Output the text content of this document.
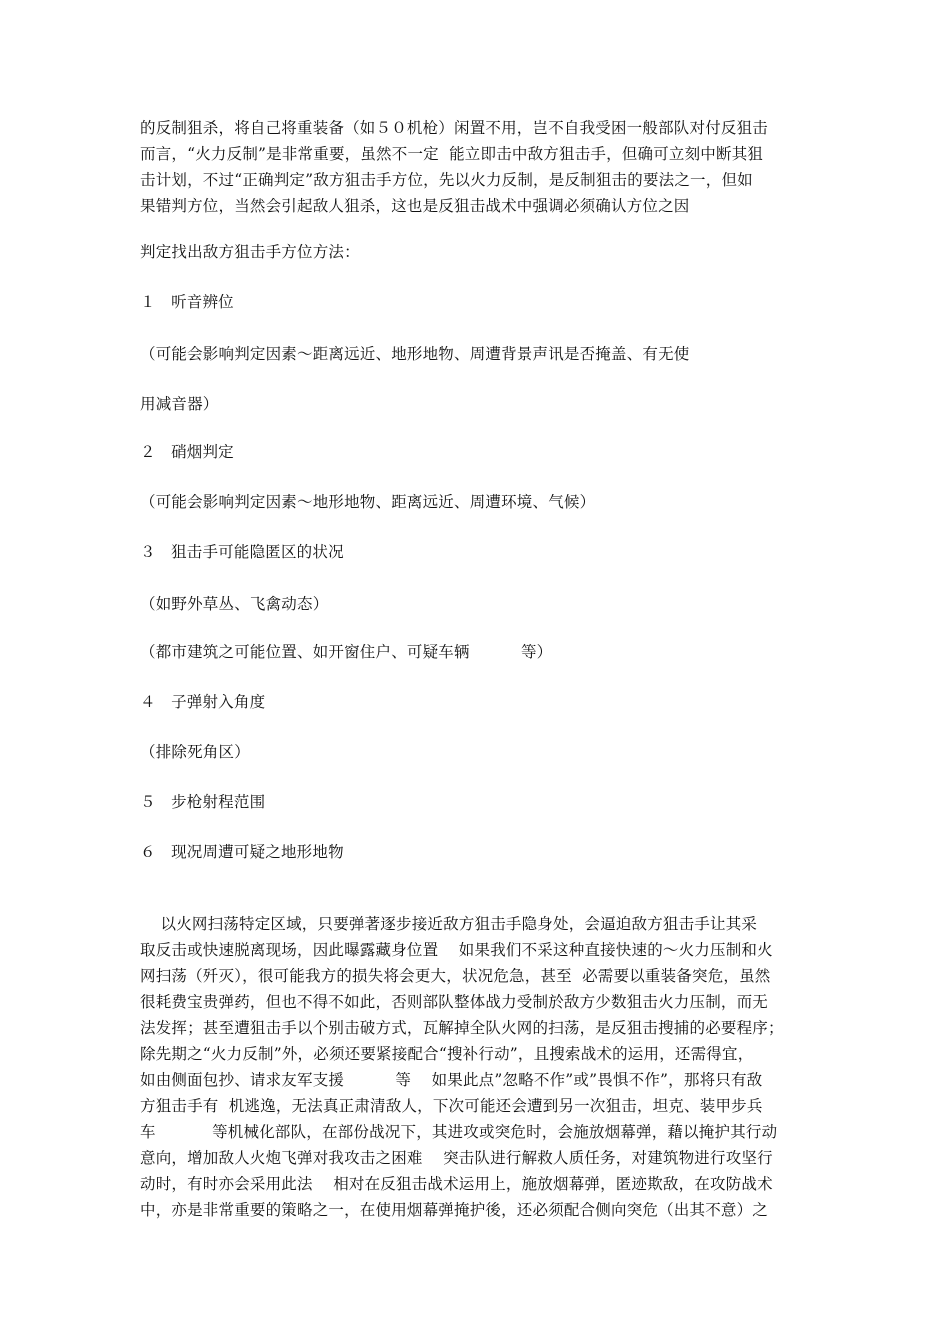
的反制狙杀，将自己将重装备（如５０机枪）闲置不用，岂不自我受困一般部队对付反狙击
而言，“火力反制”是非常重要，虽然不一定  能立即击中敌方狙击手，但确可立刻中断其狙
击计划，不过“正确判定”敌方狙击手方位，先以火力反制，是反制狙击的要法之一，但如
果错判方位，当然会引起敌人狙杀，这也是反狙击战术中强调必须确认方位之因
判定找出敌方狙击手方位方法：
１   听音辨位
（可能会影响判定因素～距离远近、地形地物、周遭背景声讯是否掩盖、有无使
用减音器）
２   硝烟判定
（可能会影响判定因素～地形地物、距离远近、周遭环境、气候）
３   狙击手可能隐匿区的状况
（如野外草丛、飞禽动态）
（都市建筑之可能位置、如开窗住户、可疑车辆          等）
４   子弹射入角度
（排除死角区）
５   步枪射程范围
６   现况周遭可疑之地形地物
以火网扫荡特定区域，只要弹著逐步接近敌方狙击手隐身处，会逼迫敌方狙击手让其采
取反击或快速脱离现场，因此曝露藏身位置    如果我们不采这种直接快速的～火力压制和火
网扫荡（歼灭），很可能我方的损失将会更大，状况危急，甚至  必需要以重装备突危，虽然
很耗费宝贵弹药，但也不得不如此，否则部队整体战力受制於敌方少数狙击火力压制，而无
法发挥；甚至遭狙击手以个别击破方式，瓦解掉全队火网的扫荡，是反狙击搜捕的必要程序；
除先期之“火力反制”外，必须还要紧接配合“搜补行动”，且搜索战术的运用，还需得宜，
如由侧面包抄、请求友军支援          等    如果此点”忽略不作”或”畏惧不作”，那将只有敌
方狙击手有  机逃逸，无法真正肃清敌人，下次可能还会遭到另一次狙击，坦克、装甲步兵
车           等机械化部队，在部份战况下，其进攻或突危时，会施放烟幕弹，藉以掩护其行动
意向，增加敌人火炮飞弹对我攻击之困难    突击队进行解救人质任务，对建筑物进行攻坚行
动时，有时亦会采用此法    相对在反狙击战术运用上，施放烟幕弹，匿迹欺敌，在攻防战术
中，亦是非常重要的策略之一，在使用烟幕弹掩护後，还必须配合侧向突危（出其不意）之
